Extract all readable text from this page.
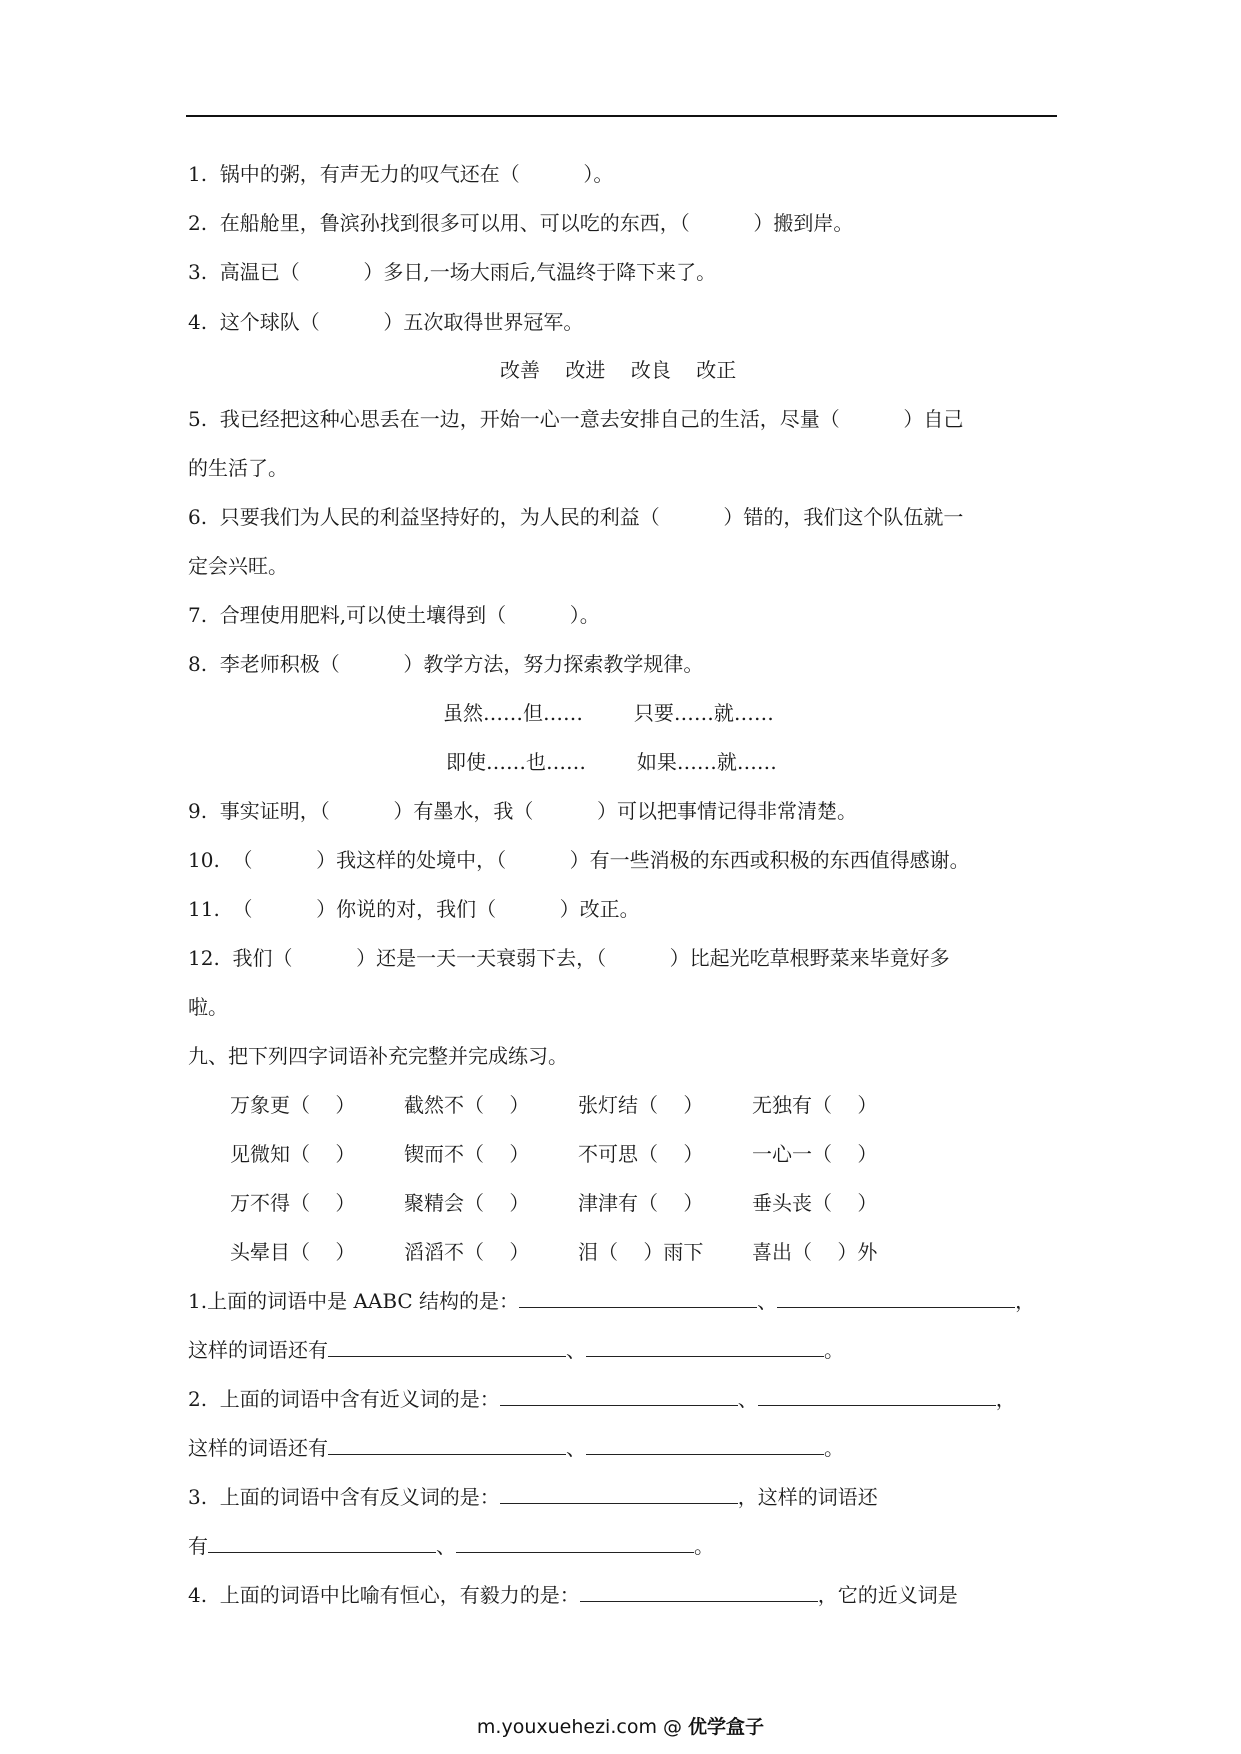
1.  锅中的粥，有声无力的叹气还在（          ）。
2.  在船舱里，鲁滨孙找到很多可以用、可以吃的东西，（          ）搬到岸。
3.  高温已（          ）多日,一场大雨后,气温终于降下来了。
4.  这个球队（          ）五次取得世界冠军。
改善    改进    改良    改正
5.  我已经把这种心思丢在一边，开始一心一意去安排自己的生活，尽量（          ）自己
的生活了。
6.  只要我们为人民的利益坚持好的，为人民的利益（          ）错的，我们这个队伍就一
定会兴旺。
7.  合理使用肥料,可以使土壤得到（          ）。
8.  李老师积极（          ）教学方法，努力探索教学规律。
虽然……但……        只要……就……
即使……也……        如果……就……
9.  事实证明，（          ）有墨水，我（          ）可以把事情记得非常清楚。
10.  （          ）我这样的处境中，（          ）有一些消极的东西或积极的东西值得感谢。
11.  （          ）你说的对，我们（          ）改正。
12.  我们（          ）还是一天一天衰弱下去，（          ）比起光吃草根野菜来毕竟好多
啦。
九、把下列四字词语补充完整并完成练习。
万象更（    ） 截然不（    ） 张灯结（    ） 无独有（    ）
见微知（    ） 锲而不（    ） 不可思（    ） 一心一（    ）
万不得（    ） 聚精会（    ） 津津有（    ） 垂头丧（    ）
头晕目（    ） 滔滔不（    ） 泪（    ）雨下 喜出（    ）外
1.上面的词语中是 AABC 结构的是：	、	，
这样的词语还有	、	。
2.  上面的词语中含有近义词的是：	、	，
这样的词语还有	、	。
3.  上面的词语中含有反义词的是：	，这样的词语还
有	、	。
4.  上面的词语中比喻有恒心，有毅力的是：	，它的近义词是
m.youxuehezi.com @ 优学盒子
